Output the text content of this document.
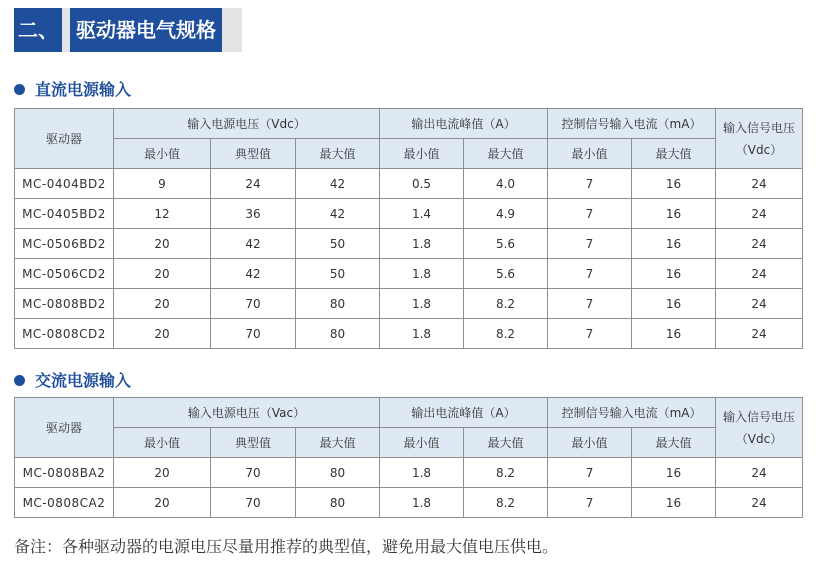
二、 驱动器电气规格
直流电源输入
驱动器	输入电源电压（Vdc）			输出电流峰值（A）		控制信号输入电流（mA）		输入信号电压
（Vdc）
	最小值	典型值	最大值	最小值	最大值	最小值	最大值	
MC-0404BD2	9	24	42	0.5	4.0	7	16	24
MC-0405BD2	12	36	42	1.4	4.9	7	16	24
MC-0506BD2	20	42	50	1.8	5.6	7	16	24
MC-0506CD2	20	42	50	1.8	5.6	7	16	24
MC-0808BD2	20	70	80	1.8	8.2	7	16	24
MC-0808CD2	20	70	80	1.8	8.2	7	16	24
交流电源输入
驱动器	输入电源电压（Vac）			输出电流峰值（A）		控制信号输入电流（mA）		输入信号电压
（Vdc）
	最小值	典型值	最大值	最小值	最大值	最小值	最大值	
MC-0808BA2	20	70	80	1.8	8.2	7	16	24
MC-0808CA2	20	70	80	1.8	8.2	7	16	24
备注：各种驱动器的电源电压尽量用推荐的典型值，避免用最大值电压供电。
